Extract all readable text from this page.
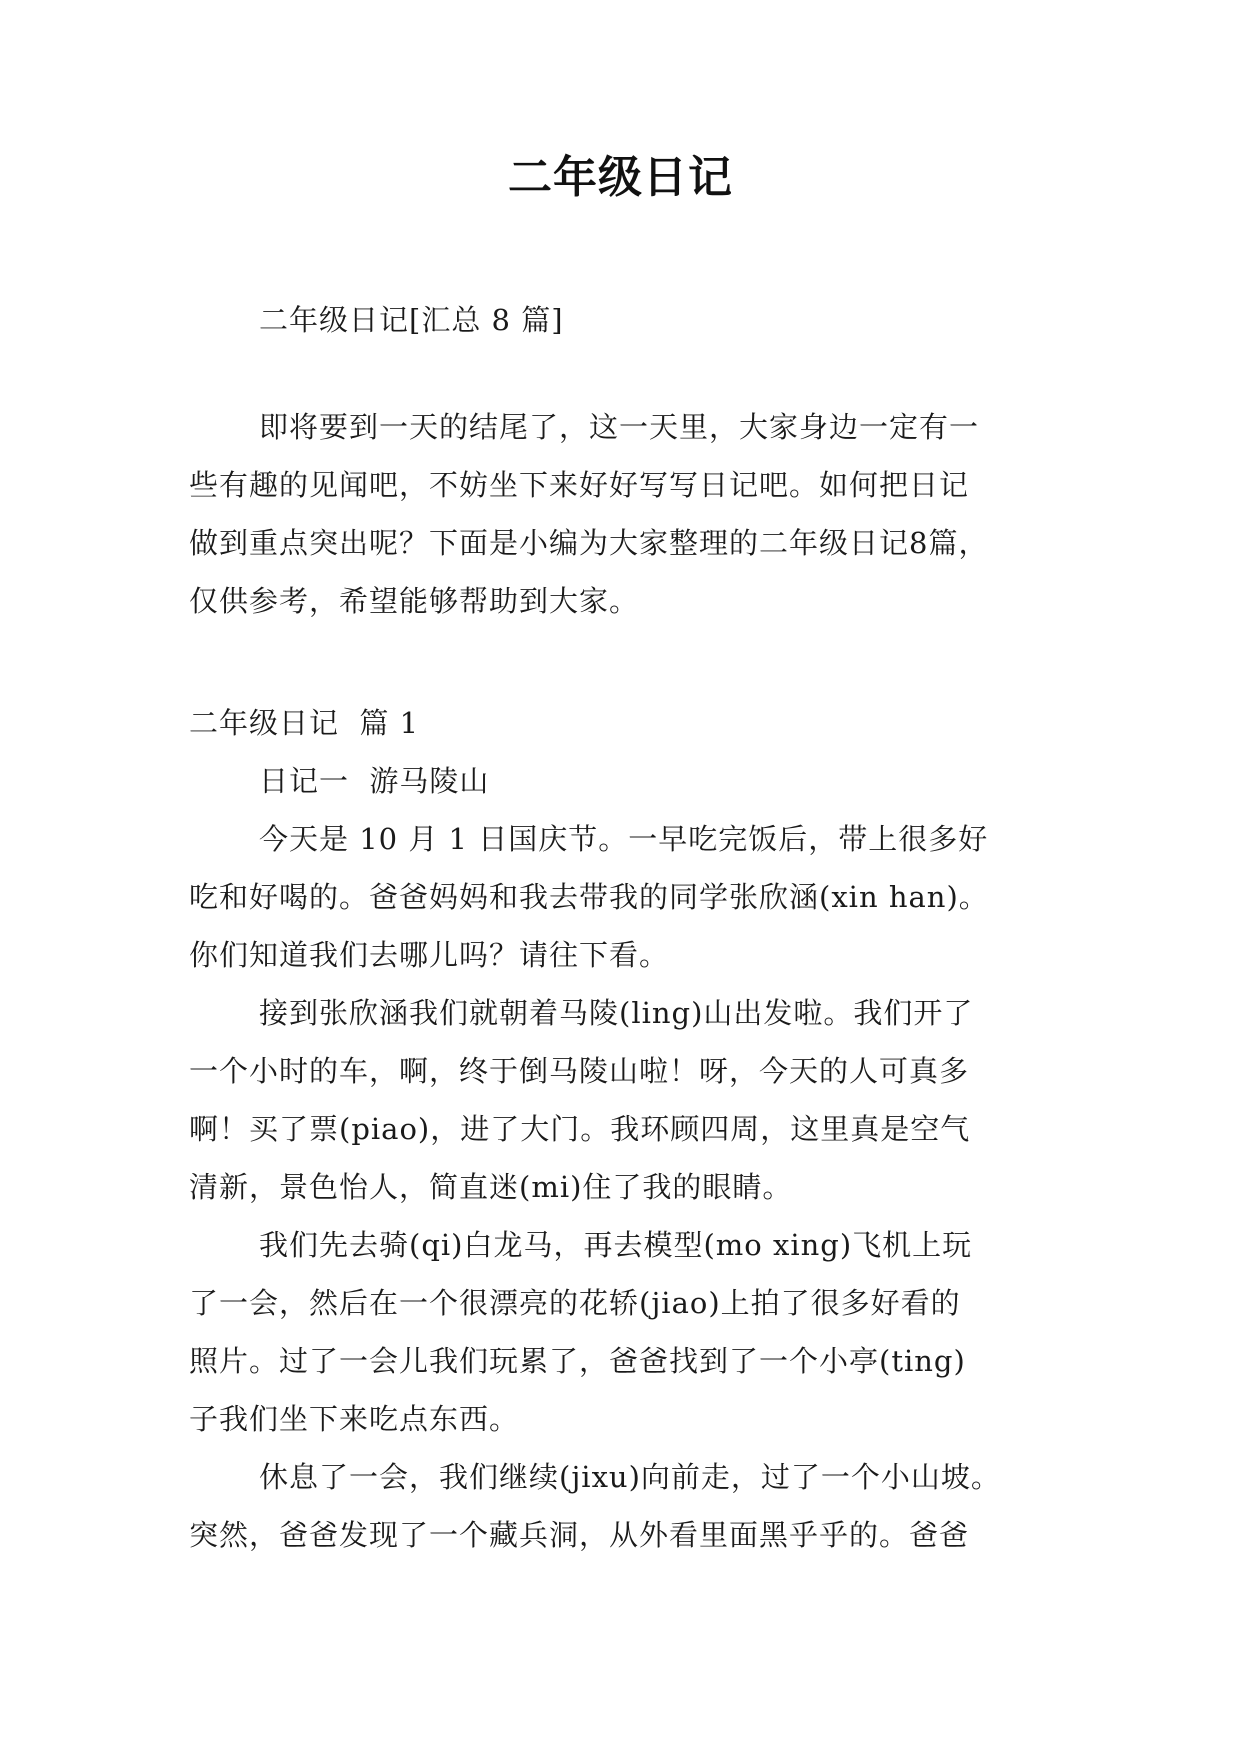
二年级日记

二年级日记[汇总 8 篇]

即将要到一天的结尾了，这一天里，大家身边一定有一
些有趣的见闻吧，不妨坐下来好好写写日记吧。如何把日记
做到重点突出呢？下面是小编为大家整理的二年级日记8篇，
仅供参考，希望能够帮助到大家。

二年级日记  篇 1

日记一  游马陵山

今天是 10 月 1 日国庆节。一早吃完饭后，带上很多好
吃和好喝的。爸爸妈妈和我去带我的同学张欣涵(xin han)。
你们知道我们去哪儿吗？请往下看。

接到张欣涵我们就朝着马陵(ling)山出发啦。我们开了
一个小时的车，啊，终于倒马陵山啦！呀，今天的人可真多
啊！买了票(piao)，进了大门。我环顾四周，这里真是空气
清新，景色怡人，简直迷(mi)住了我的眼睛。

我们先去骑(qi)白龙马，再去模型(mo xing)飞机上玩
了一会，然后在一个很漂亮的花轿(jiao)上拍了很多好看的
照片。过了一会儿我们玩累了，爸爸找到了一个小亭(ting)
子我们坐下来吃点东西。

休息了一会，我们继续(jixu)向前走，过了一个小山坡。
突然，爸爸发现了一个藏兵洞，从外看里面黑乎乎的。爸爸
